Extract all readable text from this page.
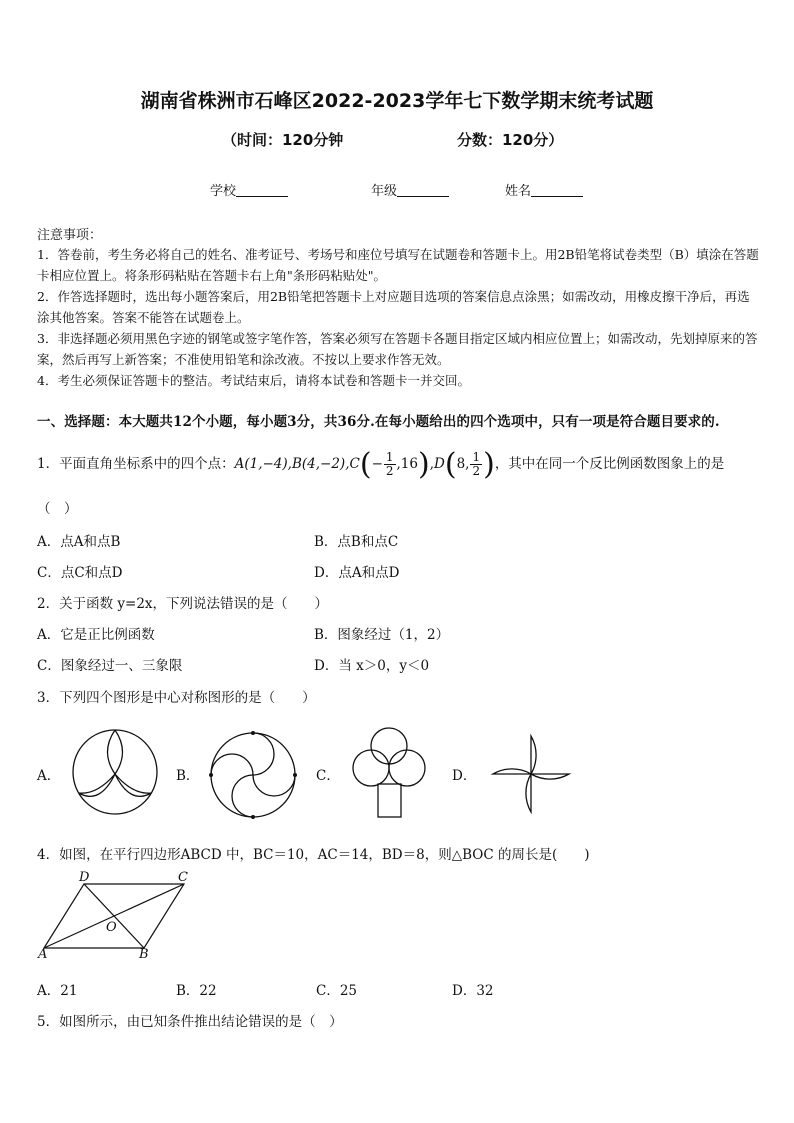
湖南省株洲市石峰区2022-2023学年七下数学期末统考试题
（时间：120分钟	分数：120分）
学校	年级	姓名
注意事项：
1．答卷前，考生务必将自己的姓名、准考证号、考场号和座位号填写在试题卷和答题卡上。用2B铅笔将试卷类型（B）填涂在答题卡相应位置上。将条形码粘贴在答题卡右上角"条形码粘贴处"。
2．作答选择题时，选出每小题答案后，用2B铅笔把答题卡上对应题目选项的答案信息点涂黑；如需改动，用橡皮擦干净后，再选涂其他答案。答案不能答在试题卷上。
3．非选择题必须用黑色字迹的钢笔或签字笔作答，答案必须写在答题卡各题目指定区域内相应位置上；如需改动，先划掉原来的答案，然后再写上新答案；不准使用铅笔和涂改液。不按以上要求作答无效。
4．考生必须保证答题卡的整洁。考试结束后，请将本试卷和答题卡一并交回。
一、选择题：本大题共12个小题，每小题3分，共36分.在每小题给出的四个选项中，只有一项是符合题目要求的.
1．平面直角坐标系中的四个点：$A(1,-4),B(4,-2),C(- \frac{1}{2} ,16),D(8$, $\frac{1}{2}$ )，其中在同一个反比例函数图象上的是
（　）
A．点A和点B	B．点B和点C
C．点C和点D	D．点A和点D
2．关于函数 y=2x，下列说法错误的是（　　）
A．它是正比例函数	B．图象经过（1，2）
C．图象经过一、三象限	D．当 x＞0，y＜0
3．下列四个图形是中心对称图形的是（　　）
A．	B．	C．	D．
4．如图，在平行四边形ABCD 中，BC＝10，AC＝14，BD＝8，则△BOC 的周长是(　　)
D	C
A	B
O
A．21	B．22	C．25	D．32
5．如图所示，由已知条件推出结论错误的是（　）
